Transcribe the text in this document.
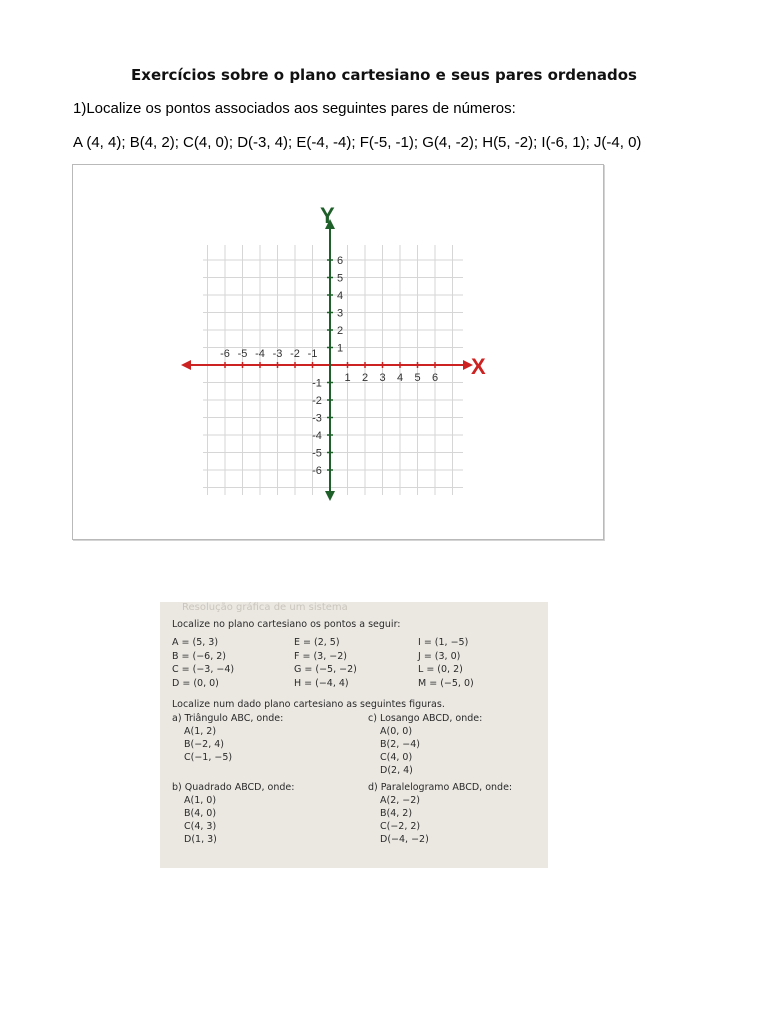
Exercícios sobre o plano cartesiano e seus pares ordenados
1)Localize os pontos associados aos seguintes pares de números:
A (4, 4); B(4, 2); C(4, 0); D(-3, 4); E(-4, -4); F(-5, -1); G(4, -2); H(5, -2); I(-6, 1); J(-4, 0)
X
Y
-6 -5 -4 -3 -2 -1
1 2 3 4 5 6
6
5
4
3
2
1
-1
-2
-3
-4
-5
-6
Resolução gráfica de um sistema
Localize no plano cartesiano os pontos a seguir:
A = (5, 3)
B = (−6, 2)
C = (−3, −4)
D = (0, 0)
E = (2, 5)
F = (3, −2)
G = (−5, −2)
H = (−4, 4)
I = (1, −5)
J = (3, 0)
L = (0, 2)
M = (−5, 0)
Localize num dado plano cartesiano as seguintes figuras.
a) Triângulo ABC, onde:
A(1, 2)
B(−2, 4)
C(−1, −5)
c) Losango ABCD, onde:
A(0, 0)
B(2, −4)
C(4, 0)
D(2, 4)
b) Quadrado ABCD, onde:
A(1, 0)
B(4, 0)
C(4, 3)
D(1, 3)
d) Paralelogramo ABCD, onde:
A(2, −2)
B(4, 2)
C(−2, 2)
D(−4, −2)
